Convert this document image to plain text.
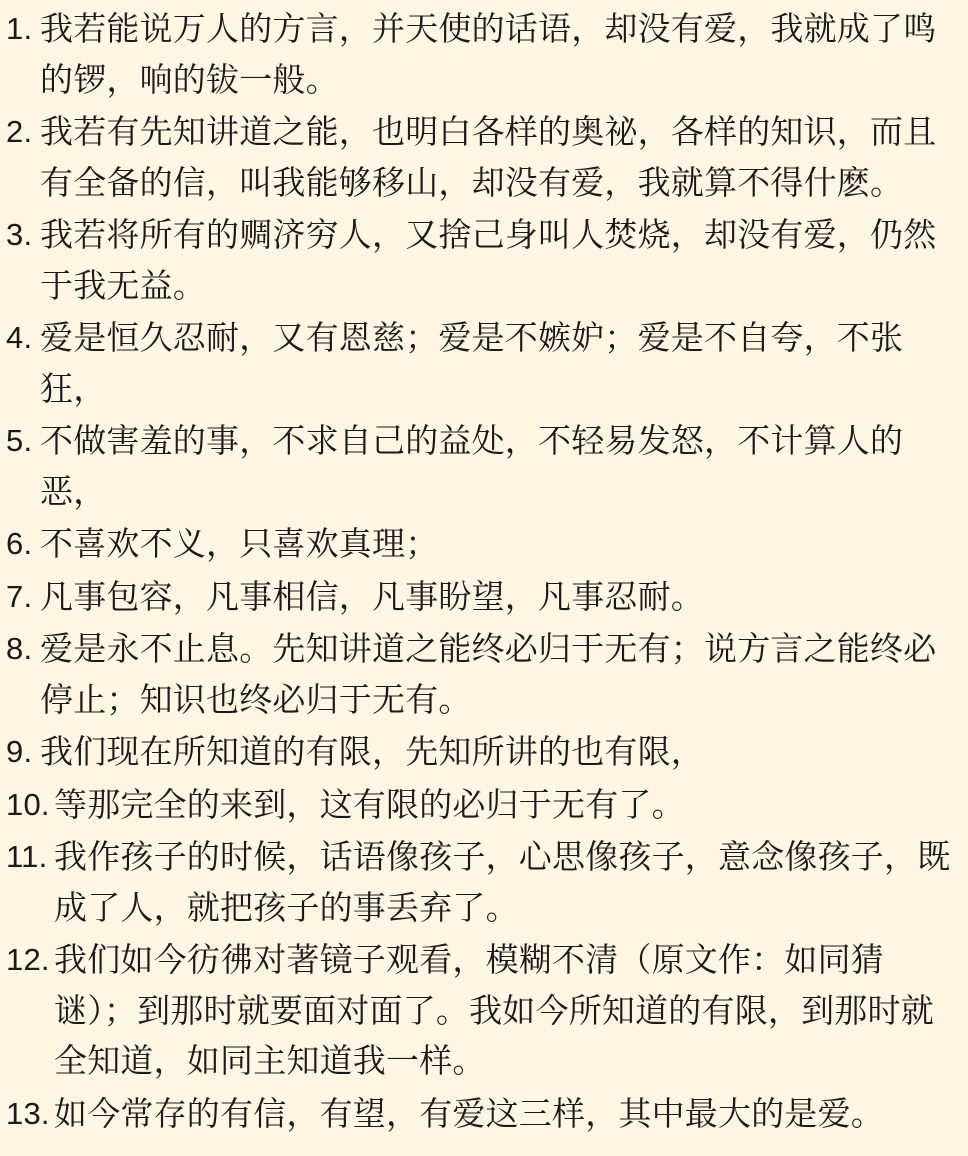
1. 我若能说万人的方言，并天使的话语，却没有爱，我就成了鸣的锣，响的钹一般。

2. 我若有先知讲道之能，也明白各样的奥祕，各样的知识，而且有全备的信，叫我能够移山，却没有爱，我就算不得什麽。

3. 我若将所有的赒济穷人，又捨己身叫人焚烧，却没有爱，仍然于我无益。

4. 爱是恒久忍耐，又有恩慈；爱是不嫉妒；爱是不自夸，不张狂，

5. 不做害羞的事，不求自己的益处，不轻易发怒，不计算人的恶，

6. 不喜欢不义，只喜欢真理；

7. 凡事包容，凡事相信，凡事盼望，凡事忍耐。

8. 爱是永不止息。先知讲道之能终必归于无有；说方言之能终必停止；知识也终必归于无有。

9. 我们现在所知道的有限，先知所讲的也有限，

10. 等那完全的来到，这有限的必归于无有了。

11. 我作孩子的时候，话语像孩子，心思像孩子，意念像孩子，既成了人，就把孩子的事丢弃了。

12. 我们如今彷彿对著镜子观看，模糊不清（原文作：如同猜谜）；到那时就要面对面了。我如今所知道的有限，到那时就全知道，如同主知道我一样。

13. 如今常存的有信，有望，有爱这三样，其中最大的是爱。
